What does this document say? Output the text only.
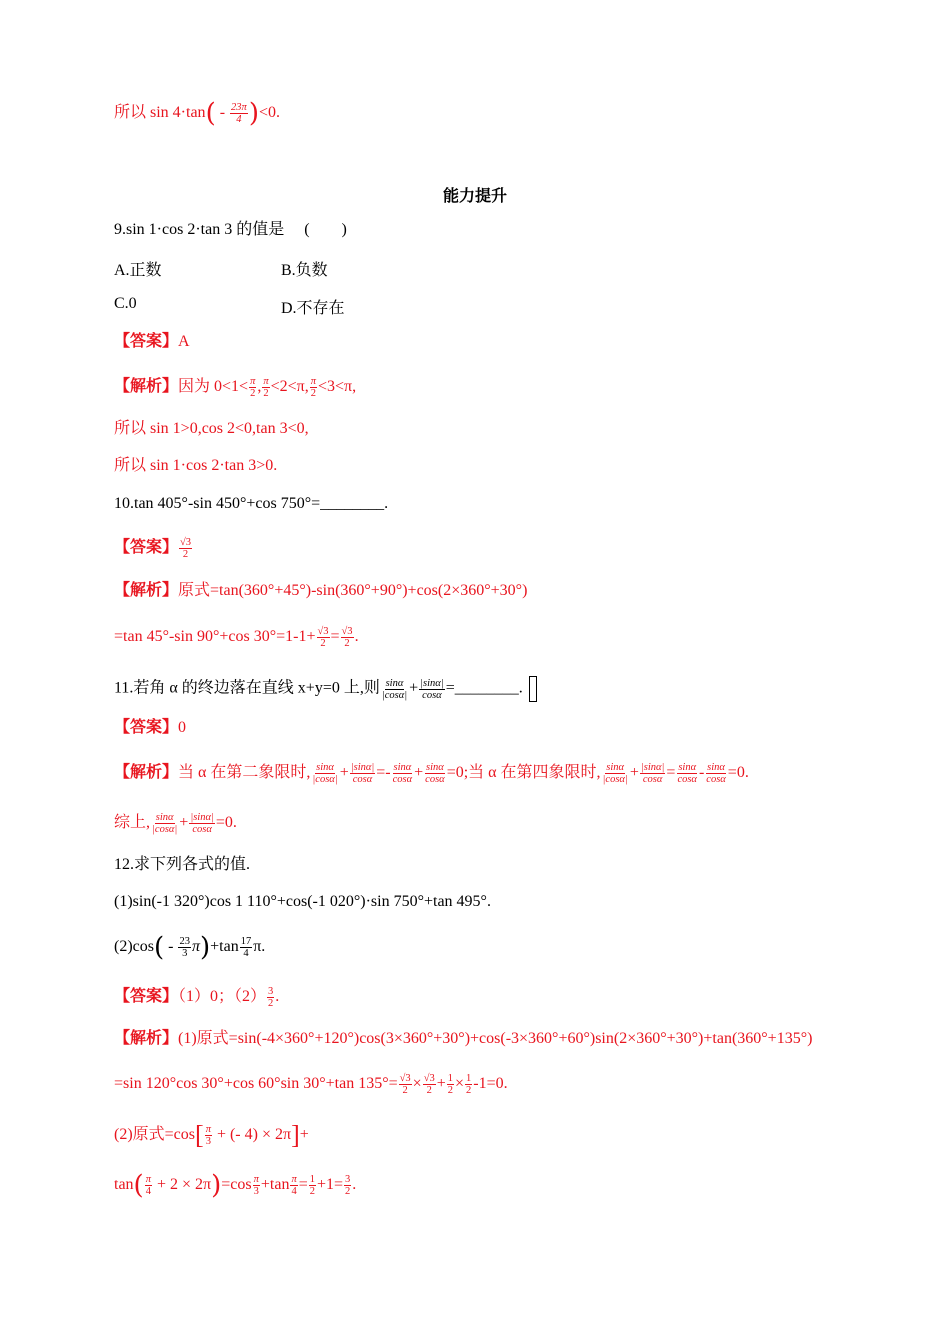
所以 $\sin 4\cdot\tan( - \frac{23\pi}{4} )<0$.
能力提升
9.sin 1·cos 2·tan 3 的值是　 (　　)
A.正数	B.负数
C.0	D.不存在
【答案】A
【解析】因为 $0<1< \frac{\pi}{2}$ , $\frac{\pi}{2} <2<\pi$, $\frac{\pi}{2} <3<\pi$,
所以 sin 1>0,cos 2<0,tan 3<0,
所以 sin 1·cos 2·tan 3>0.
10.tan 405°-sin 450°+cos 750°=________.
【答案】 $\frac{√3}{2}$
【解析】原式=tan(360°+45°)-sin(360°+90°)+cos(2×360°+30°)
=tan 45°-sin 90°+cos $30^\circ=1-1+ \frac{√3}{2} = \frac{√3}{2}$ .
11.若角 α 的终边落在直线 x+y=0 上,则 $\frac{\sin\alpha}{|\cos\alpha|} + \frac{|\sin\alpha|}{\cos\alpha}$ =________.
【答案】0
【解析】当 α 在第二象限时, $\frac{\sin\alpha}{|\cos\alpha|} + \frac{|\sin\alpha|}{\cos\alpha} =- \frac{\sin\alpha}{\cos\alpha} + \frac{\sin\alpha}{\cos\alpha} =0$;当 α 在第四象限时, $\frac{\sin\alpha}{|\cos\alpha|} + \frac{|\sin\alpha|}{\cos\alpha} = \frac{\sin\alpha}{\cos\alpha} - \frac{\sin\alpha}{\cos\alpha} =0$.
综上, $\frac{\sin\alpha}{|\cos\alpha|} + \frac{|\sin\alpha|}{\cos\alpha} =0$.
12.求下列各式的值.
(1)sin(-1 320°)cos 1 110°+cos(-1 020°)·sin 750°+tan 495°.
$(2)\cos( - \frac{23}{3} \pi)+\tan \frac{17}{4} \pi$.
【答案】（1）0；$(2) \frac{3}{2}$ .
【解析】(1)原式=sin(-4×360°+120°)cos(3×360°+30°)+cos(-3×360°+60°)sin(2×360°+30°)+tan(360°+135°)
=sin 120°cos 30°+cos 60°sin 30°+tan $135^\circ= \frac{√3}{2} \times \frac{√3}{2} + \frac{1}{2} \times \frac{1}{2} -1=0$.
(2)原式$=\cos[ \frac{\pi}{3}$ + (- 4) × 2π]+
$\tan( \frac{\pi}{4} + 2 \times 2\pi)=\cos \frac{\pi}{3} +\tan \frac{\pi}{4} = \frac{1}{2} +1= \frac{3}{2}$ .
